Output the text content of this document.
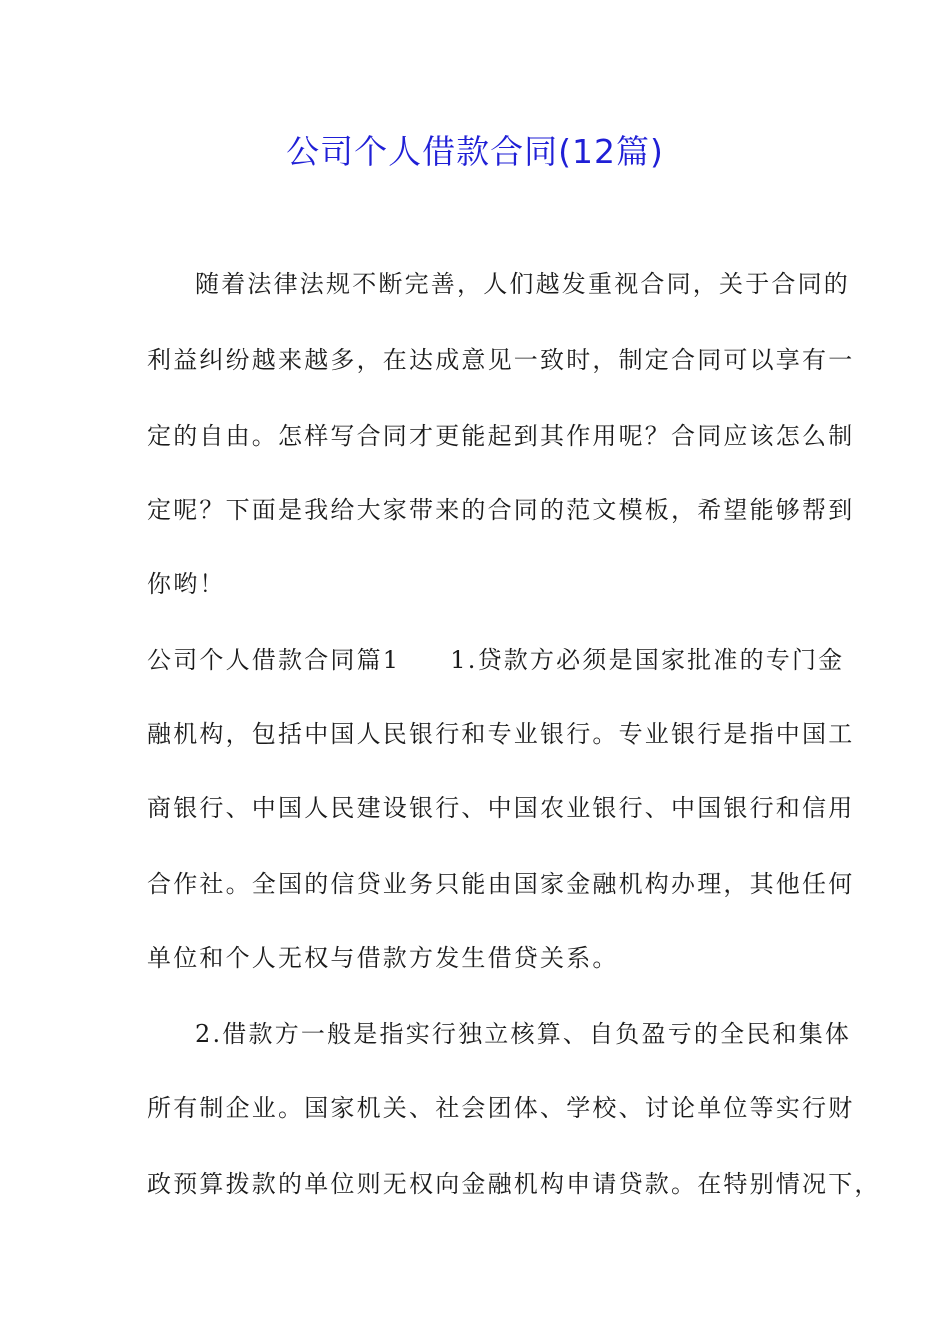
公司个人借款合同(12篇)
随着法律法规不断完善，人们越发重视合同，关于合同的
利益纠纷越来越多，在达成意见一致时，制定合同可以享有一
定的自由。怎样写合同才更能起到其作用呢？合同应该怎么制
定呢？下面是我给大家带来的合同的范文模板，希望能够帮到
你哟！
公司个人借款合同篇1 1.贷款方必须是国家批准的专门金
融机构，包括中国人民银行和专业银行。专业银行是指中国工
商银行、中国人民建设银行、中国农业银行、中国银行和信用
合作社。全国的信贷业务只能由国家金融机构办理，其他任何
单位和个人无权与借款方发生借贷关系。
2.借款方一般是指实行独立核算、自负盈亏的全民和集体
所有制企业。国家机关、社会团体、学校、讨论单位等实行财
政预算拨款的单位则无权向金融机构申请贷款。在特别情况下，
